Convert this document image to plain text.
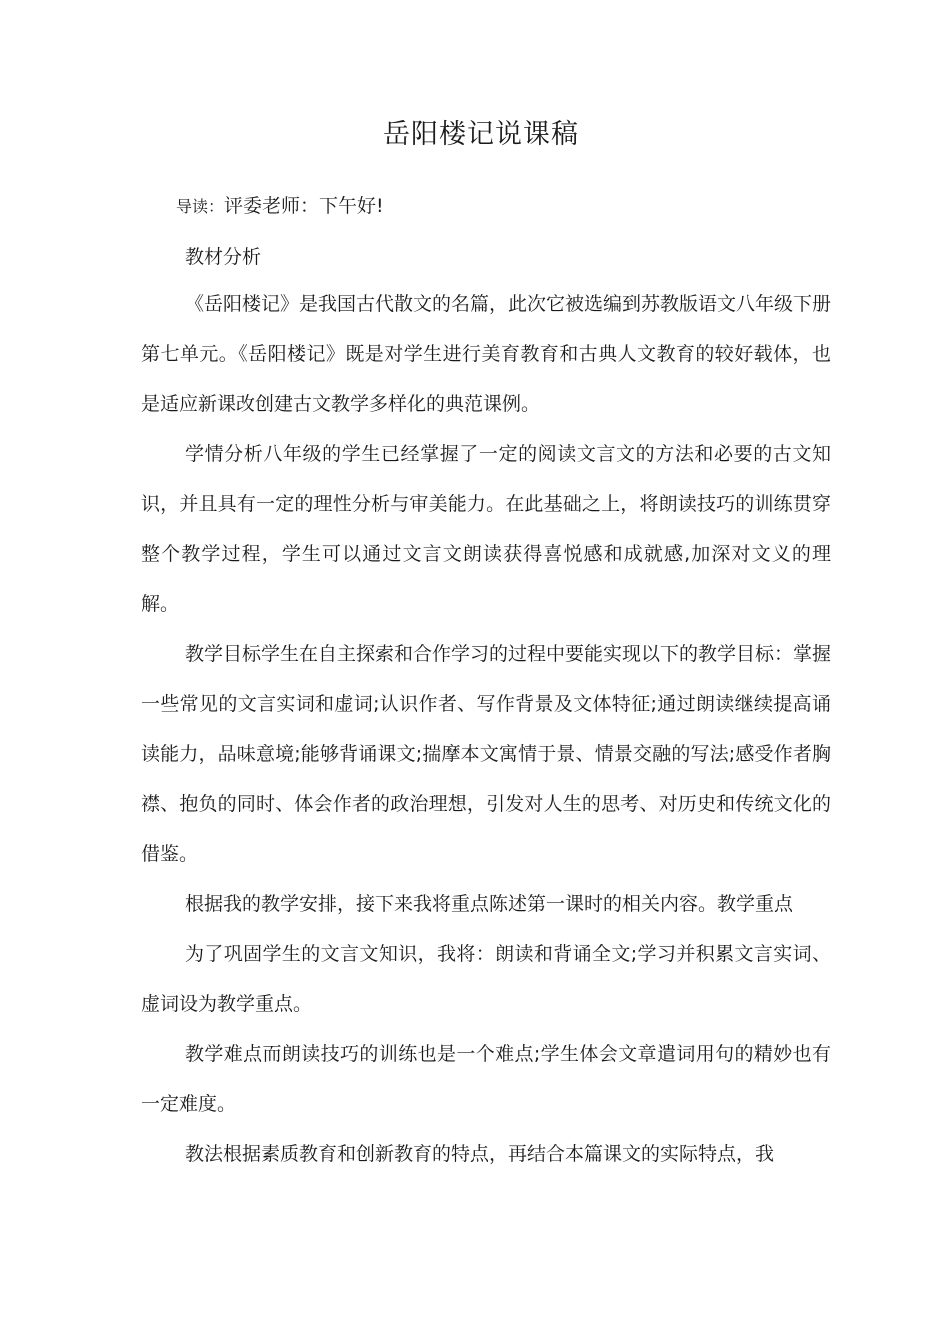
岳阳楼记说课稿
导读：评委老师：下午好!
教材分析

《岳阳楼记》是我国古代散文的名篇，此次它被选编到苏教版语文八年级下册第七单元。《岳阳楼记》既是对学生进行美育教育和古典人文教育的较好载体，也是适应新课改创建古文教学多样化的典范课例。

学情分析八年级的学生已经掌握了一定的阅读文言文的方法和必要的古文知识，并且具有一定的理性分析与审美能力。在此基础之上，将朗读技巧的训练贯穿整个教学过程，学生可以通过文言文朗读获得喜悦感和成就感,加深对文义的理解。

教学目标学生在自主探索和合作学习的过程中要能实现以下的教学目标：掌握一些常见的文言实词和虚词;认识作者、写作背景及文体特征;通过朗读继续提高诵读能力，品味意境;能够背诵课文;揣摩本文寓情于景、情景交融的写法;感受作者胸襟、抱负的同时、体会作者的政治理想，引发对人生的思考、对历史和传统文化的借鉴。

根据我的教学安排，接下来我将重点陈述第一课时的相关内容。教学重点

为了巩固学生的文言文知识，我将：朗读和背诵全文;学习并积累文言实词、虚词设为教学重点。

教学难点而朗读技巧的训练也是一个难点;学生体会文章遣词用句的精妙也有一定难度。

教法根据素质教育和创新教育的特点，再结合本篇课文的实际特点，我
